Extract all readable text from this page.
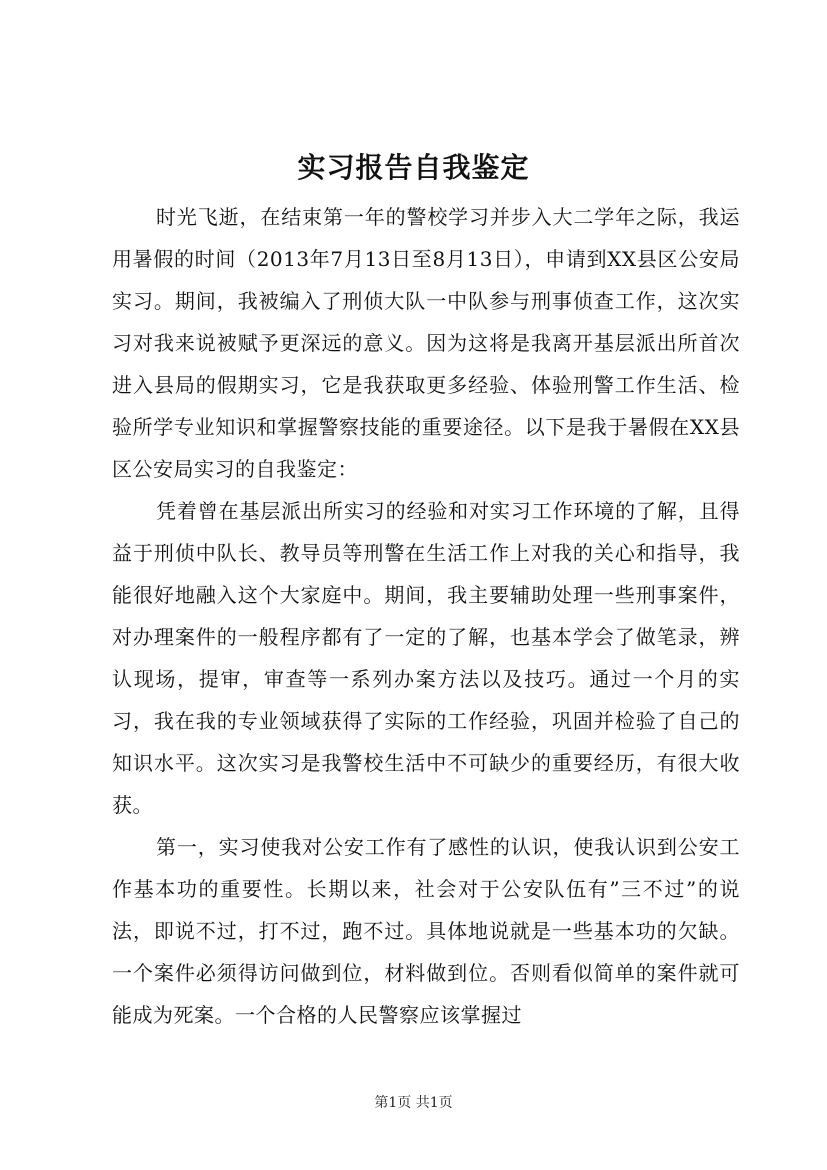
实习报告自我鉴定

时光飞逝，在结束第一年的警校学习并步入大二学年之际，我运用暑假的时间（2013年7月13日至8月13日），申请到XX县区公安局实习。期间，我被编入了刑侦大队一中队参与刑事侦查工作，这次实习对我来说被赋予更深远的意义。因为这将是我离开基层派出所首次进入县局的假期实习，它是我获取更多经验、体验刑警工作生活、检验所学专业知识和掌握警察技能的重要途径。以下是我于暑假在XX县区公安局实习的自我鉴定：

凭着曾在基层派出所实习的经验和对实习工作环境的了解，且得益于刑侦中队长、教导员等刑警在生活工作上对我的关心和指导，我能很好地融入这个大家庭中。期间，我主要辅助处理一些刑事案件，对办理案件的一般程序都有了一定的了解，也基本学会了做笔录，辨认现场，提审，审查等一系列办案方法以及技巧。通过一个月的实习，我在我的专业领域获得了实际的工作经验，巩固并检验了自己的知识水平。这次实习是我警校生活中不可缺少的重要经历，有很大收获。

第一，实习使我对公安工作有了感性的认识，使我认识到公安工作基本功的重要性。长期以来，社会对于公安队伍有”三不过”的说法，即说不过，打不过，跑不过。具体地说就是一些基本功的欠缺。一个案件必须得访问做到位，材料做到位。否则看似简单的案件就可能成为死案。一个合格的人民警察应该掌握过

第1页 共1页
